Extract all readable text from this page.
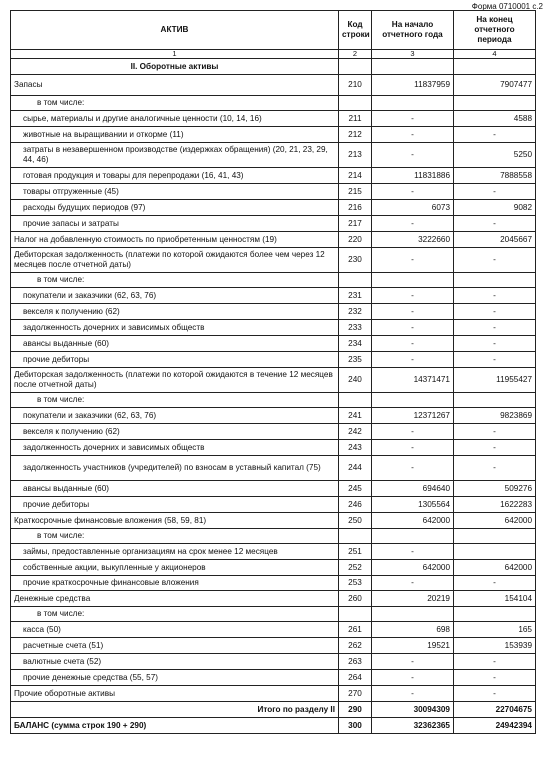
Форма 0710001 с.2
АКТИВ	Код строки	На начало отчетного года	На конец отчетного периода
1	2	3	4
II. Оборотные активы			
Запасы	210	11837959	7907477
в том числе:			
сырье, материалы и другие аналогичные ценности (10, 14, 16)	211	-	4588
животные на выращивании и откорме (11)	212	-	-
затраты в незавершенном производстве (издержках обращения) (20, 21, 23, 29, 44, 46)	213	-	5250
готовая продукция и товары для перепродажи (16, 41, 43)	214	11831886	7888558
товары отгруженные (45)	215	-	-
расходы будущих периодов (97)	216	6073	9082
прочие запасы и затраты	217	-	-
Налог на добавленную стоимость по приобретенным ценностям (19)	220	3222660	2045667
Дебиторская задолженность (платежи по которой ожидаются более чем через 12 месяцев после отчетной даты)	230	-	-
в том числе:			
покупатели и заказчики (62, 63, 76)	231	-	-
векселя к получению (62)	232	-	-
задолженность дочерних и зависимых обществ	233	-	-
авансы выданные (60)	234	-	-
прочие дебиторы	235	-	-
Дебиторская задолженность (платежи по которой ожидаются в течение 12 месяцев после отчетной даты)	240	14371471	11955427
в том числе:			
покупатели и заказчики (62, 63, 76)	241	12371267	9823869
векселя к получению (62)	242	-	-
задолженность дочерних и зависимых обществ	243	-	-
задолженность участников (учредителей) по взносам в уставный капитал (75)	244	-	-
авансы выданные (60)	245	694640	509276
прочие дебиторы	246	1305564	1622283
Краткосрочные финансовые вложения (58, 59, 81)	250	642000	642000
в том числе:			
займы, предоставленные организациям на срок менее 12 месяцев	251	-	
собственные акции, выкупленные у акционеров	252	642000	642000
прочие краткосрочные финансовые вложения	253	-	-
Денежные средства	260	20219	154104
в том числе:			
касса (50)	261	698	165
расчетные счета (51)	262	19521	153939
валютные счета (52)	263	-	-
прочие денежные средства (55, 57)	264	-	-
Прочие оборотные активы	270	-	-
Итого по разделу II	290	30094309	22704675
БАЛАНС (сумма строк 190 + 290)	300	32362365	24942394
